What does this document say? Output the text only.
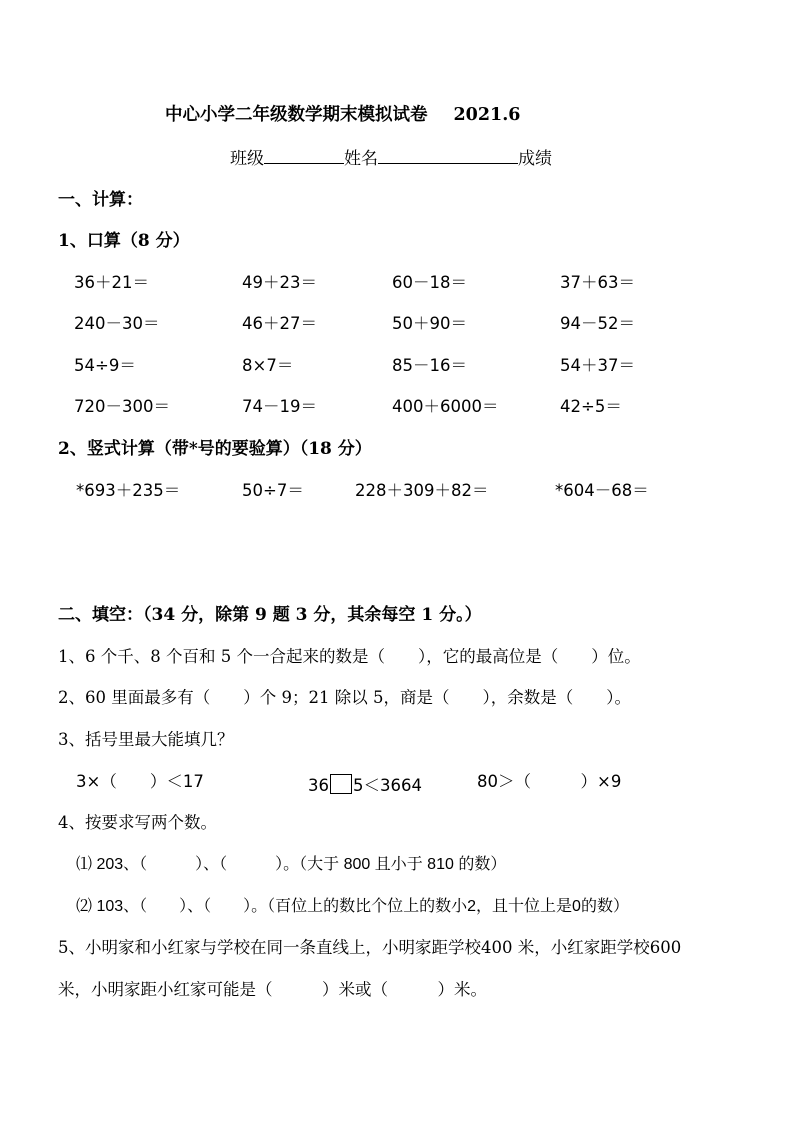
中心小学二年级数学期末模拟试卷 2021.6
班级	姓名	成绩
一、计算：
1、口算（8 分）
36＋21＝	49＋23＝	60－18＝	37＋63＝
240－30＝	46＋27＝	50＋90＝	94－52＝
54÷9＝	8×7＝	85－16＝	54＋37＝
720－300＝	74－19＝	400＋6000＝	42÷5＝
2、竖式计算（带*号的要验算）（18 分）
*693＋235＝	50÷7＝	228＋309＋82＝	*604－68＝
二、填空：（34 分，除第 9 题 3 分，其余每空 1 分。）
1、6 个千、8 个百和 5 个一合起来的数是（　　），它的最高位是（　　）位。
2、60 里面最多有（　　）个 9；21 除以 5，商是（　　），余数是（　　）。
3、括号里最大能填几？
3×（　　）＜17	36 5＜3664	80＞（　　　）×9
4、按要求写两个数。
⑴ 203、（　　　）、（　　　）。（大于 800 且小于 810 的数）
⑵ 103、（　　）、（　　）。（百位上的数比个位上的数小2，且十位上是0的数）
5、小明家和小红家与学校在同一条直线上，小明家距学校400 米，小红家距学校600
米，小明家距小红家可能是（　　　）米或（　　　）米。
